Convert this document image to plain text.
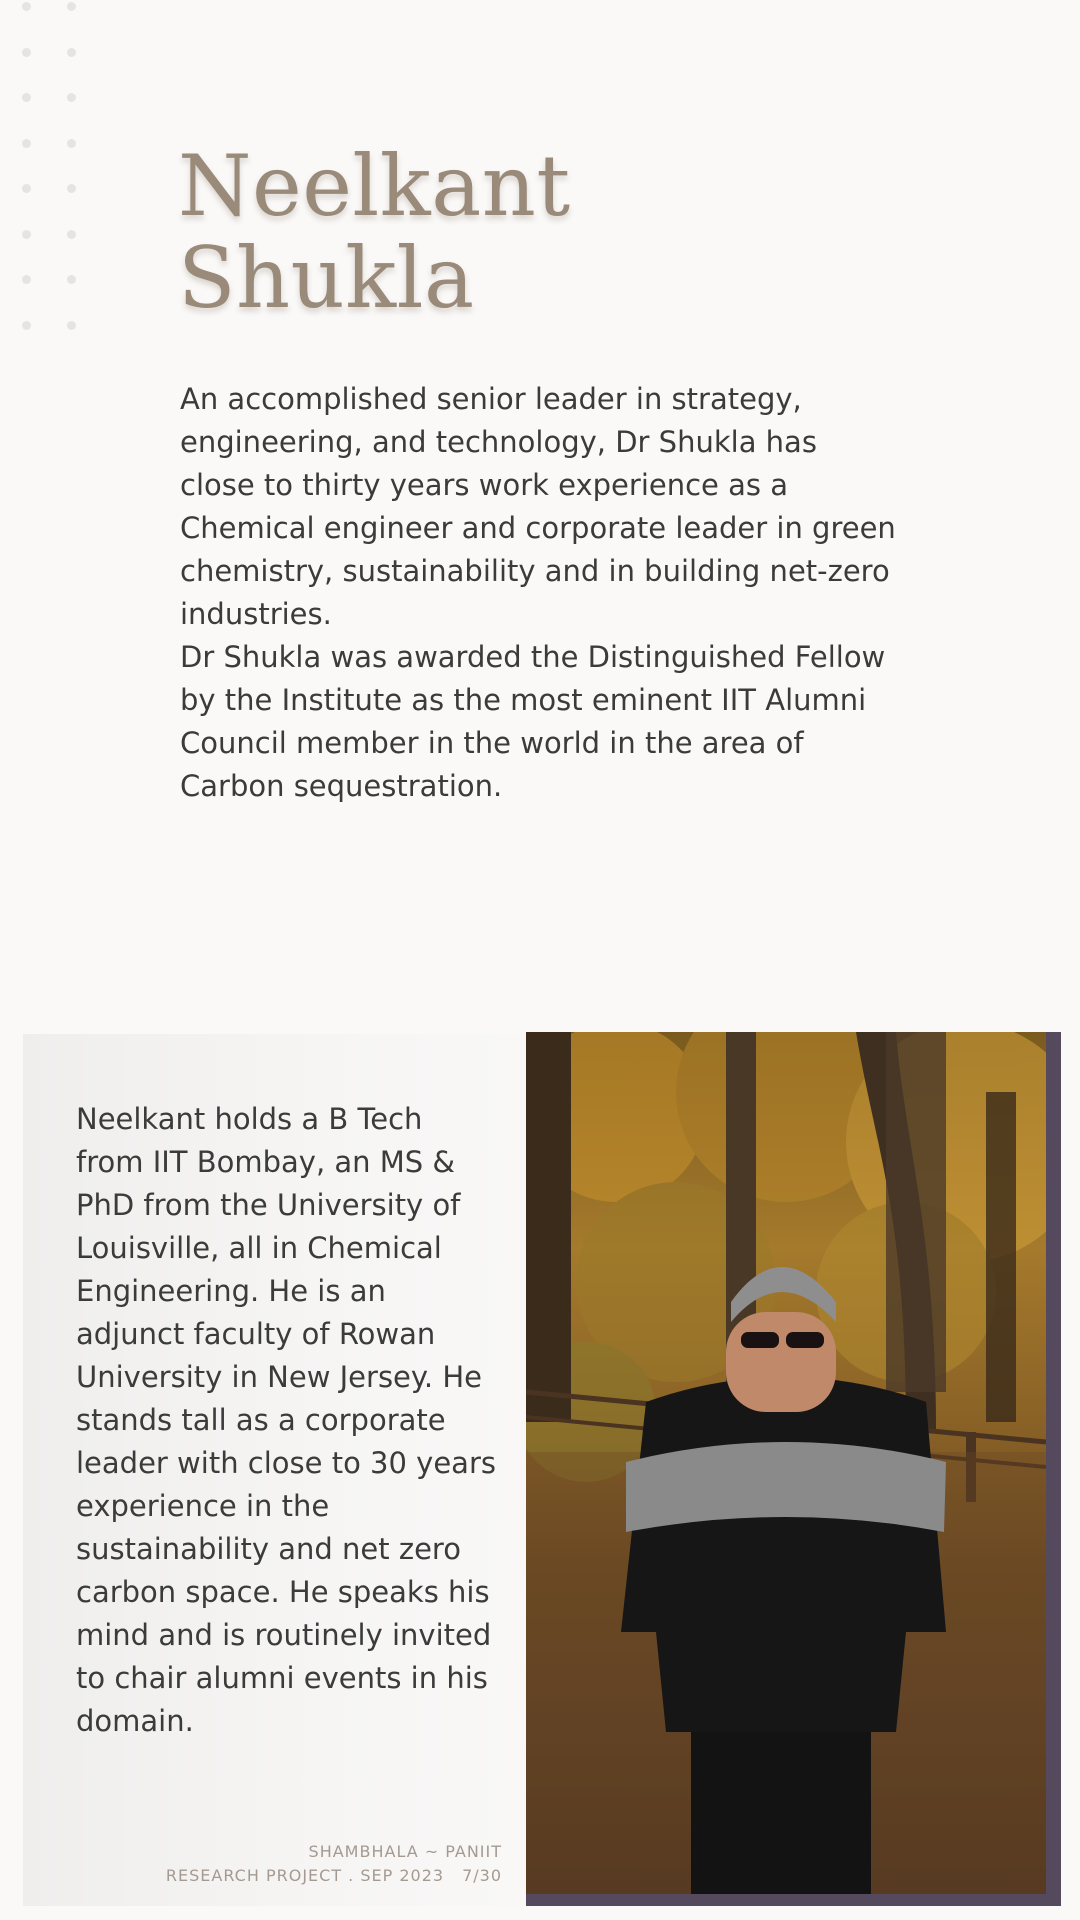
Neelkant
Shukla

An accomplished senior leader in strategy, engineering, and technology, Dr Shukla has close to thirty years work experience as a Chemical engineer and corporate leader in green chemistry, sustainability and in building net-zero industries.

Dr Shukla was awarded the Distinguished Fellow by the Institute as the most eminent IIT Alumni Council member in the world in the area of Carbon sequestration.

Neelkant holds a B Tech from IIT Bombay, an MS & PhD from the University of Louisville, all in Chemical Engineering. He is an adjunct faculty of Rowan University in New Jersey. He stands tall as a corporate leader with close to 30 years experience in the sustainability and net zero carbon space. He speaks his mind and is routinely invited to chair alumni events in his domain.

SHAMBHALA ~ PANIIT
RESEARCH PROJECT . SEP 2023 7/30
